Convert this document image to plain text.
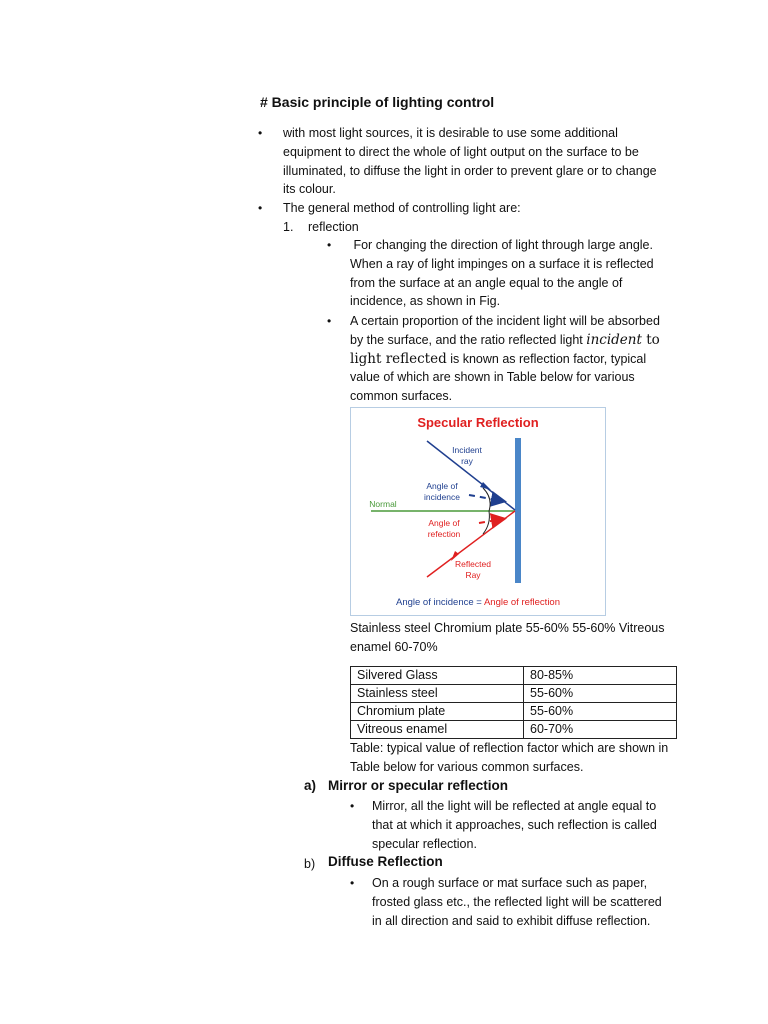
# Basic principle of lighting control
• with most light sources, it is desirable to use some additional
equipment to direct the whole of light output on the surface to be
illuminated, to diffuse the light in order to prevent glare or to change
its colour.
• The general method of controlling light are:
1. reflection
• For changing the direction of light through large angle.
When a ray of light impinges on a surface it is reflected
from the surface at an angle equal to the angle of
incidence, as shown in Fig.
• A certain proportion of the incident light will be absorbed
by the surface, and the ratio reflected light incident to
light reflected is known as reflection factor, typical
value of which are shown in Table below for various
common surfaces.
Specular Reflection
Incident
ray
Angle of
incidence
Normal
Angle of
refection
Reflected
Ray
Angle of incidence = Angle of reflection
Stainless steel Chromium plate 55-60% 55-60% Vitreous
enamel 60-70%
Silvered Glass	80-85%
Stainless steel	55-60%
Chromium plate	55-60%
Vitreous enamel	60-70%
Table: typical value of reflection factor which are shown in
Table below for various common surfaces.
a) Mirror or specular reflection
• Mirror, all the light will be reflected at angle equal to
that at which it approaches, such reflection is called
specular reflection.
b) Diffuse Reflection
• On a rough surface or mat surface such as paper,
frosted glass etc., the reflected light will be scattered
in all direction and said to exhibit diffuse reflection.
